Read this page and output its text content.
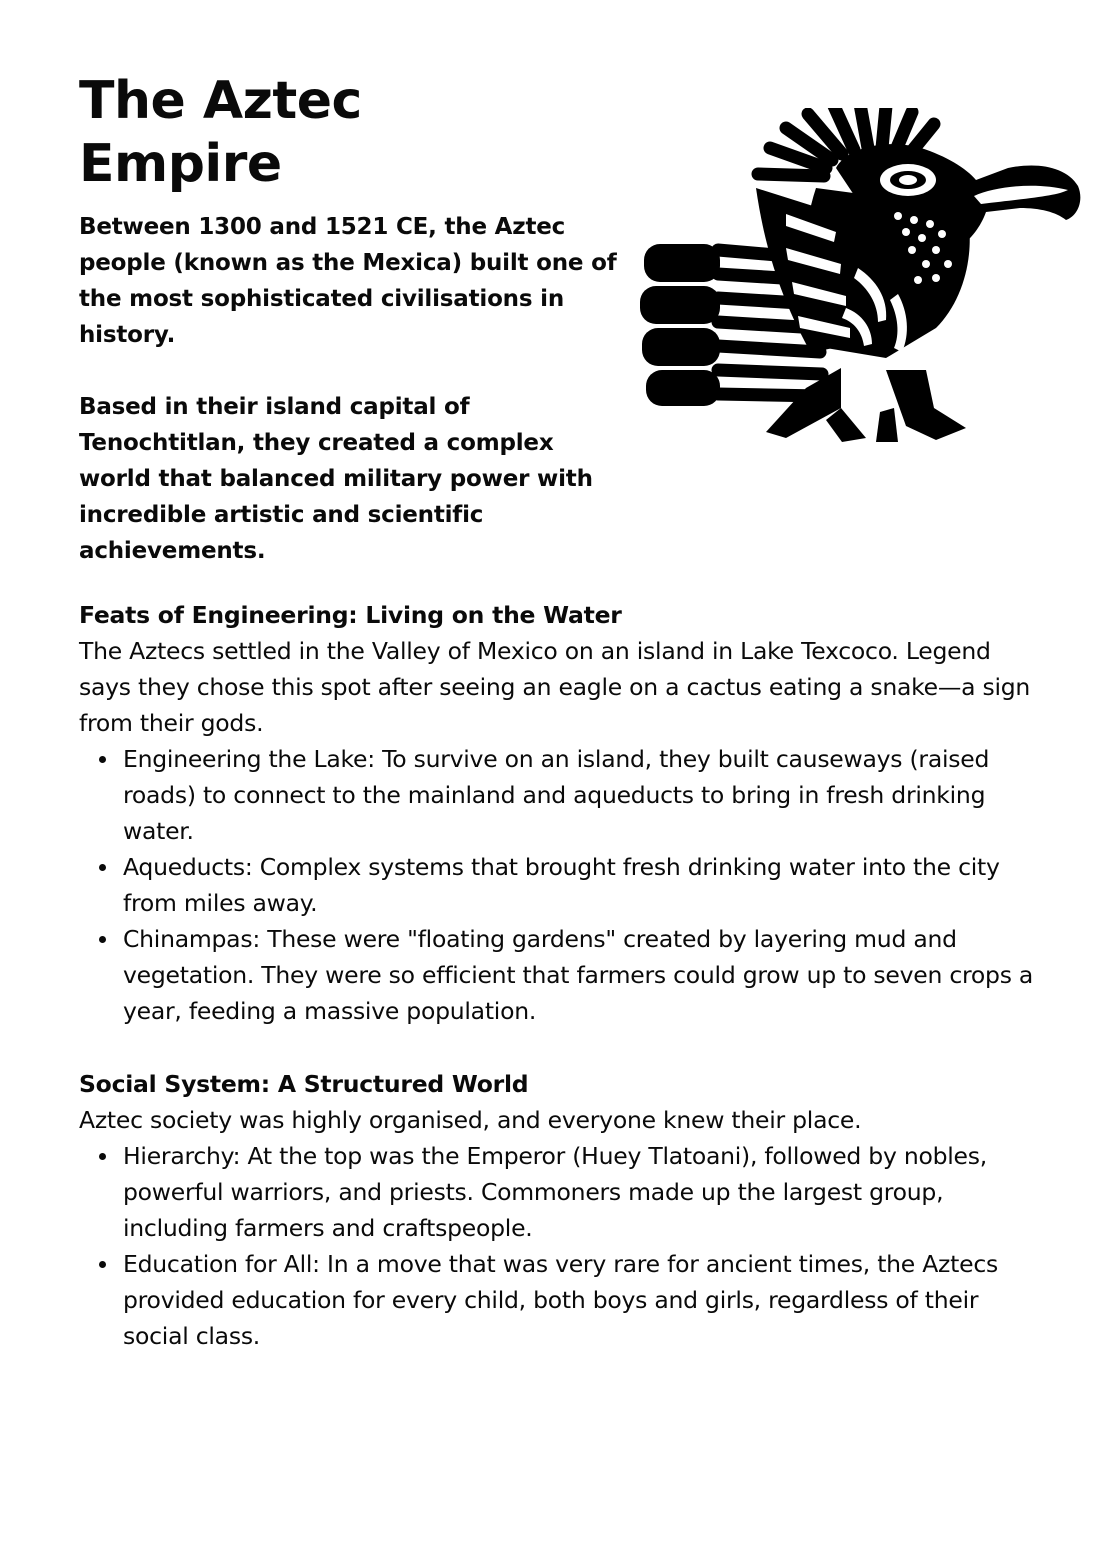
The Aztec
Empire

Between 1300 and 1521 CE, the Aztec people (known as the Mexica) built one of the most sophisticated civilisations in history.

Based in their island capital of Tenochtitlan, they created a complex world that balanced military power with incredible artistic and scientific achievements.

Feats of Engineering: Living on the Water

The Aztecs settled in the Valley of Mexico on an island in Lake Texcoco. Legend says they chose this spot after seeing an eagle on a cactus eating a snake—a sign from their gods.

Engineering the Lake: To survive on an island, they built causeways (raised roads) to connect to the mainland and aqueducts to bring in fresh drinking water.
Aqueducts: Complex systems that brought fresh drinking water into the city from miles away.
Chinampas: These were "floating gardens" created by layering mud and vegetation. They were so efficient that farmers could grow up to seven crops a year, feeding a massive population.
Social System: A Structured World

Aztec society was highly organised, and everyone knew their place.

Hierarchy: At the top was the Emperor (Huey Tlatoani), followed by nobles, powerful warriors, and priests. Commoners made up the largest group, including farmers and craftspeople.
Education for All: In a move that was very rare for ancient times, the Aztecs provided education for every child, both boys and girls, regardless of their social class.
